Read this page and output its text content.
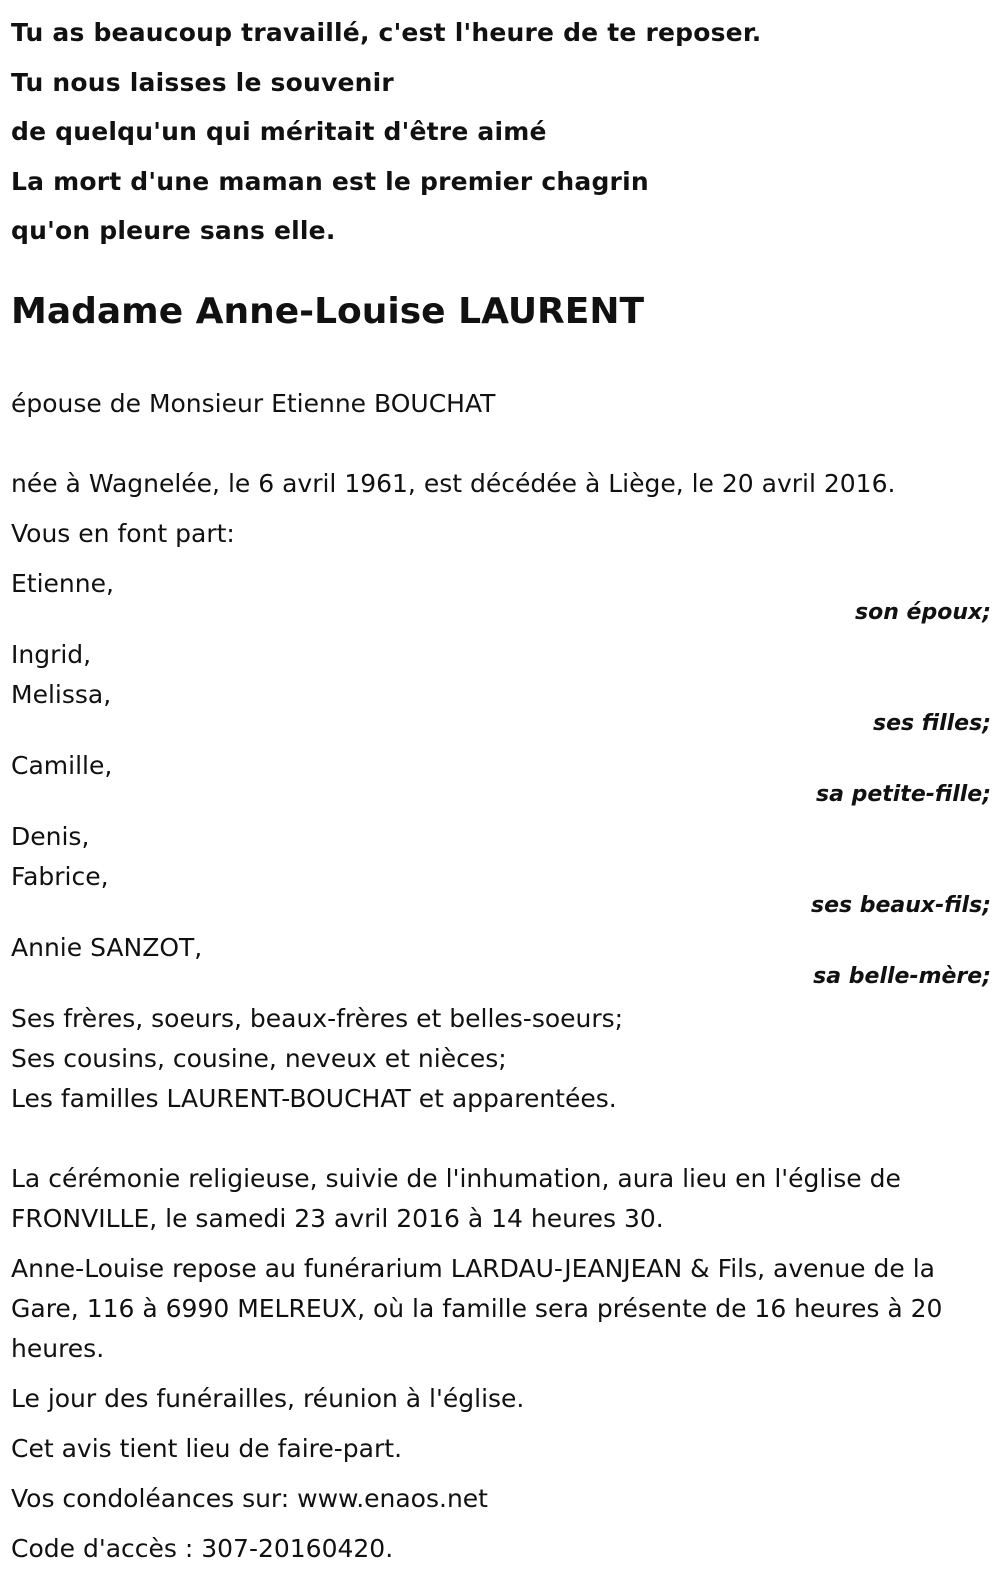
Tu as beaucoup travaillé, c'est l'heure de te reposer.
Tu nous laisses le souvenir
de quelqu'un qui méritait d'être aimé
La mort d'une maman est le premier chagrin
qu'on pleure sans elle.
Madame Anne-Louise LAURENT
épouse de Monsieur Etienne BOUCHAT
née à Wagnelée, le 6 avril 1961, est décédée à Liège, le 20 avril 2016.
Vous en font part:
Etienne,
son époux;
Ingrid,
Melissa,
ses filles;
Camille,
sa petite-fille;
Denis,
Fabrice,
ses beaux-fils;
Annie SANZOT,
sa belle-mère;
Ses frères, soeurs, beaux-frères et belles-soeurs;
Ses cousins, cousine, neveux et nièces;
Les familles LAURENT-BOUCHAT et apparentées.
La cérémonie religieuse, suivie de l'inhumation, aura lieu en l'église de FRONVILLE, le samedi 23 avril 2016 à 14 heures 30.
Anne-Louise repose au funérarium LARDAU-JEANJEAN & Fils, avenue de la Gare, 116 à 6990 MELREUX, où la famille sera présente de 16 heures à 20 heures.
Le jour des funérailles, réunion à l'église.
Cet avis tient lieu de faire-part.
Vos condoléances sur: www.enaos.net
Code d'accès : 307-20160420.
